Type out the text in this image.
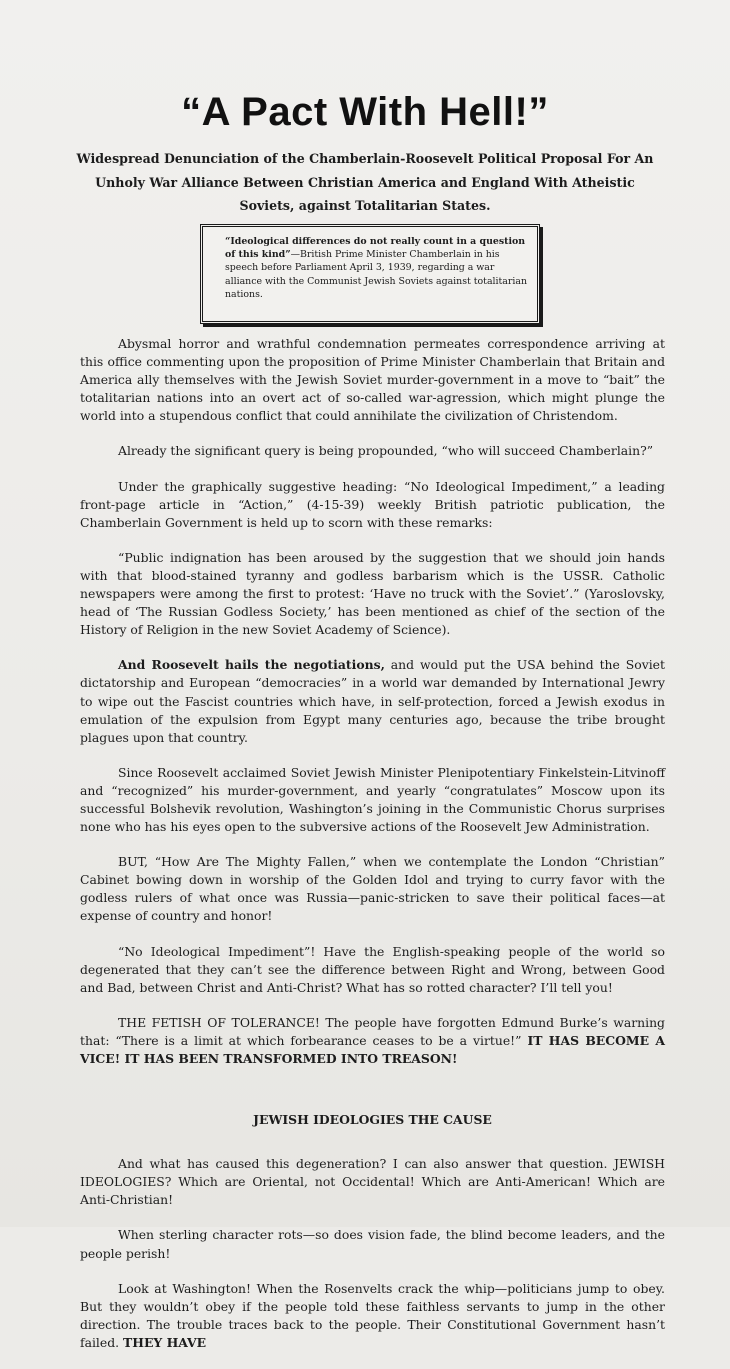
“A Pact With Hell!”
Widespread Denunciation of the Chamberlain-Roosevelt Political Proposal For An Unholy War Alliance Between Christian America and England With Atheistic Soviets, against Totalitarian States.
“Ideological differences do not really count in a question of this kind”—British Prime Minister Chamberlain in his speech before Parliament April 3, 1939, regarding a war alliance with the Communist Jewish Soviets against totalitarian nations.

Abysmal horror and wrathful condemnation permeates correspondence arriving at this office commenting upon the proposition of Prime Minister Chamberlain that Britain and America ally themselves with the Jewish Soviet murder-government in a move to “bait” the totalitarian nations into an overt act of so-called war-agression, which might plunge the world into a stupendous conflict that could annihilate the civilization of Christendom.

Already the significant query is being propounded, “who will succeed Chamberlain?”

Under the graphically suggestive heading: “No Ideological Impediment,” a leading front-page article in “Action,” (4-15-39) weekly British patriotic publication, the Chamberlain Government is held up to scorn with these remarks:

“Public indignation has been aroused by the suggestion that we should join hands with that blood-stained tyranny and godless barbarism which is the USSR. Catholic newspapers were among the first to protest: ‘Have no truck with the Soviet’.” (Yaroslovsky, head of ‘The Russian Godless Society,’ has been mentioned as chief of the section of the History of Religion in the new Soviet Academy of Science).

And Roosevelt hails the negotiations, and would put the USA behind the Soviet dictatorship and European “democracies” in a world war demanded by International Jewry to wipe out the Fascist countries which have, in self-protection, forced a Jewish exodus in emulation of the expulsion from Egypt many centuries ago, because the tribe brought plagues upon that country.

Since Roosevelt acclaimed Soviet Jewish Minister Plenipotentiary Finkelstein-Litvinoff and “recognized” his murder-government, and yearly “congratulates” Moscow upon its successful Bolshevik revolution, Washington’s joining in the Communistic Chorus surprises none who has his eyes open to the subversive actions of the Roosevelt Jew Administration.

BUT, “How Are The Mighty Fallen,” when we contemplate the London “Christian” Cabinet bowing down in worship of the Golden Idol and trying to curry favor with the godless rulers of what once was Russia—panic-stricken to save their political faces—at expense of country and honor!

“No Ideological Impediment”! Have the English-speaking people of the world so degenerated that they can’t see the difference between Right and Wrong, between Good and Bad, between Christ and Anti-Christ? What has so rotted character? I’ll tell you!

THE FETISH OF TOLERANCE! The people have forgotten Edmund Burke’s warning that: “There is a limit at which forbearance ceases to be a virtue!” IT HAS BECOME A VICE! IT HAS BEEN TRANSFORMED INTO TREASON!

JEWISH IDEOLOGIES THE CAUSE

And what has caused this degeneration? I can also answer that question. JEWISH IDEOLOGIES? Which are Oriental, not Occidental! Which are Anti-American! Which are Anti-Christian!

When sterling character rots—so does vision fade, the blind become leaders, and the people perish!

Look at Washington! When the Rosenvelts crack the whip—politicians jump to obey. But they wouldn’t obey if the people told these faithless servants to jump in the other direction. The trouble traces back to the people. Their Constitutional Government hasn’t failed. THEY HAVE
